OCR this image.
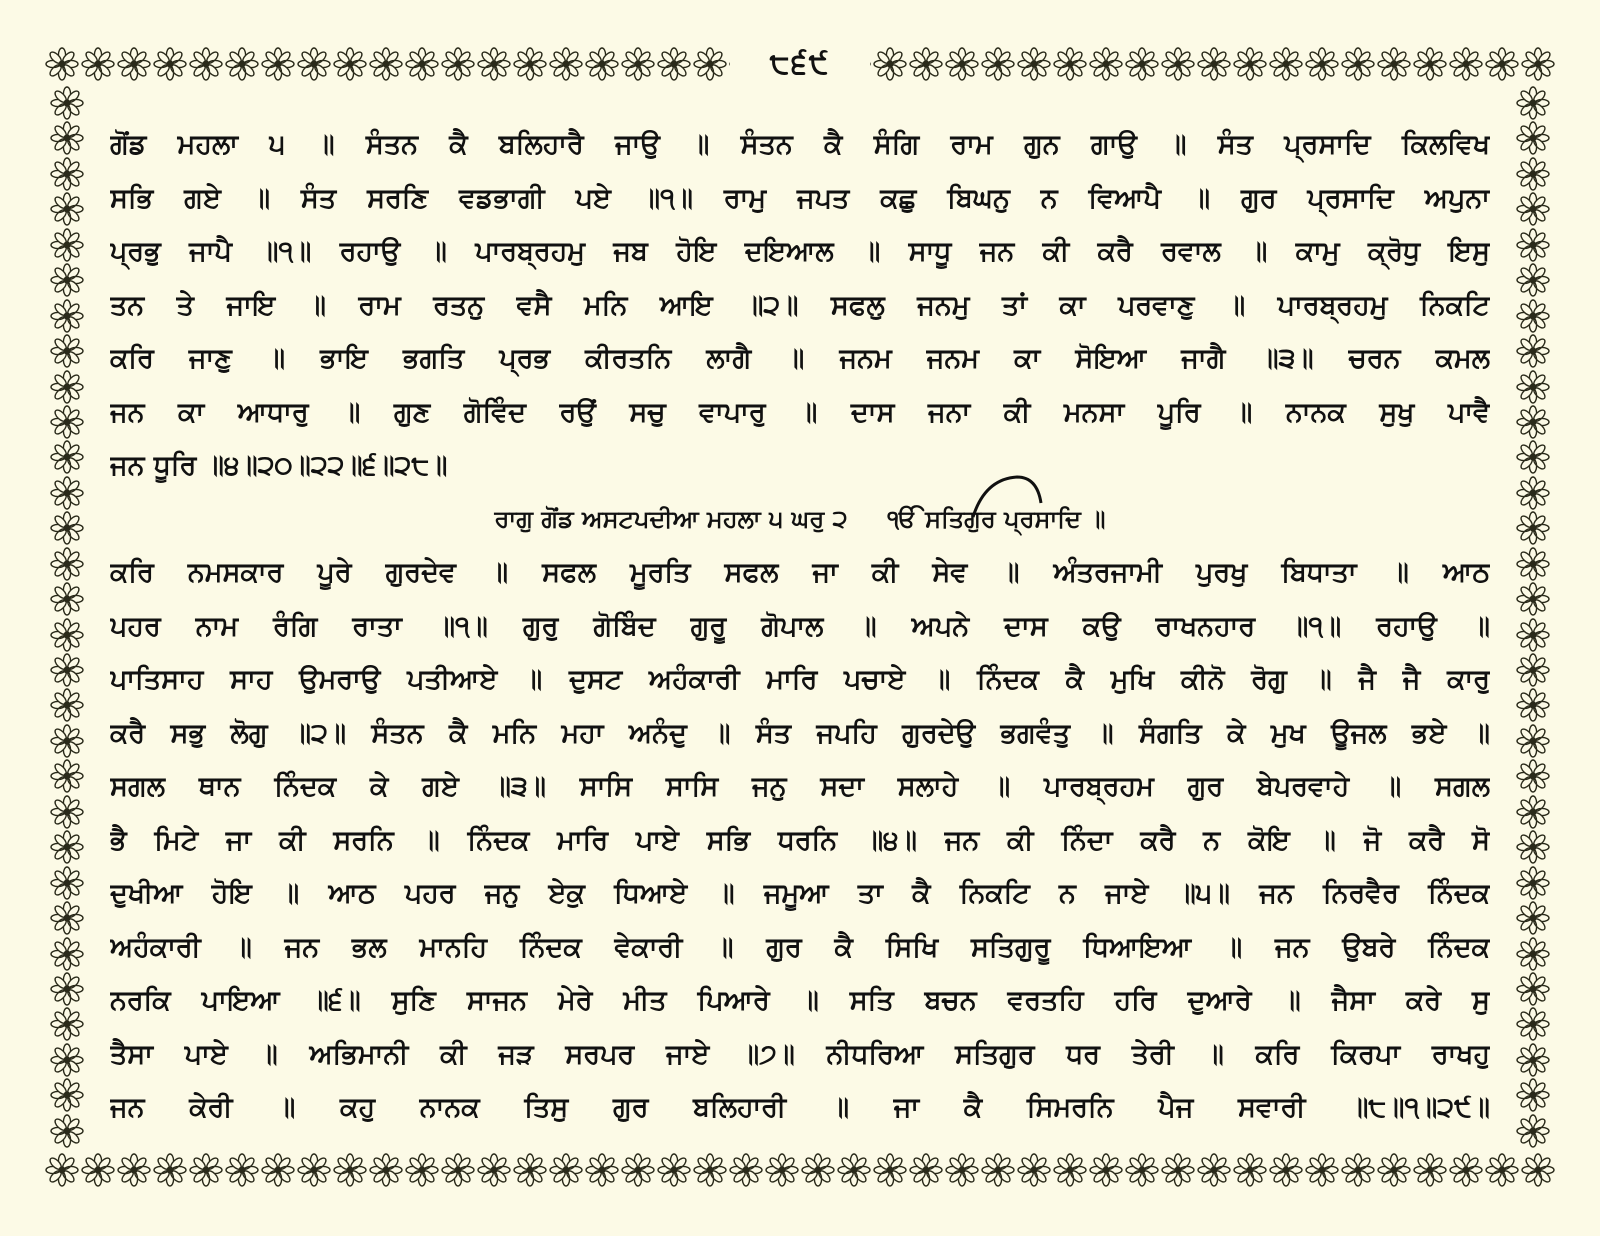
੮੬੯
ਗੋਂਡ ਮਹਲਾ ੫ ॥ ਸੰਤਨ ਕੈ ਬਲਿਹਾਰੈ ਜਾਉ ॥ ਸੰਤਨ ਕੈ ਸੰਗਿ ਰਾਮ ਗੁਨ ਗਾਉ ॥ ਸੰਤ ਪ੍ਰਸਾਦਿ ਕਿਲਵਿਖ
ਸਭਿ ਗਏ ॥ ਸੰਤ ਸਰਣਿ ਵਡਭਾਗੀ ਪਏ ॥੧॥ ਰਾਮੁ ਜਪਤ ਕਛੁ ਬਿਘਨੁ ਨ ਵਿਆਪੈ ॥ ਗੁਰ ਪ੍ਰਸਾਦਿ ਅਪੁਨਾ
ਪ੍ਰਭੁ ਜਾਪੈ ॥੧॥ ਰਹਾਉ ॥ ਪਾਰਬ੍ਰਹਮੁ ਜਬ ਹੋਇ ਦਇਆਲ ॥ ਸਾਧੂ ਜਨ ਕੀ ਕਰੈ ਰਵਾਲ ॥ ਕਾਮੁ ਕ੍ਰੋਧੁ ਇਸੁ
ਤਨ ਤੇ ਜਾਇ ॥ ਰਾਮ ਰਤਨੁ ਵਸੈ ਮਨਿ ਆਇ ॥੨॥ ਸਫਲੁ ਜਨਮੁ ਤਾਂ ਕਾ ਪਰਵਾਣੁ ॥ ਪਾਰਬ੍ਰਹਮੁ ਨਿਕਟਿ
ਕਰਿ ਜਾਣੁ ॥ ਭਾਇ ਭਗਤਿ ਪ੍ਰਭ ਕੀਰਤਨਿ ਲਾਗੈ ॥ ਜਨਮ ਜਨਮ ਕਾ ਸੋਇਆ ਜਾਗੈ ॥੩॥ ਚਰਨ ਕਮਲ
ਜਨ ਕਾ ਆਧਾਰੁ ॥ ਗੁਣ ਗੋਵਿੰਦ ਰਉਂ ਸਚੁ ਵਾਪਾਰੁ ॥ ਦਾਸ ਜਨਾ ਕੀ ਮਨਸਾ ਪੂਰਿ ॥ ਨਾਨਕ ਸੁਖੁ ਪਾਵੈ
ਜਨ ਧੂਰਿ ॥੪॥੨੦॥੨੨॥੬॥੨੮॥
ਰਾਗੁ ਗੋਂਡ ਅਸਟਪਦੀਆ ਮਹਲਾ ੫ ਘਰੁ ੨ ੴ ਸਤਿਗੁਰ ਪ੍ਰਸਾਦਿ ॥
ਕਰਿ ਨਮਸਕਾਰ ਪੂਰੇ ਗੁਰਦੇਵ ॥ ਸਫਲ ਮੂਰਤਿ ਸਫਲ ਜਾ ਕੀ ਸੇਵ ॥ ਅੰਤਰਜਾਮੀ ਪੁਰਖੁ ਬਿਧਾਤਾ ॥ ਆਠ
ਪਹਰ ਨਾਮ ਰੰਗਿ ਰਾਤਾ ॥੧॥ ਗੁਰੁ ਗੋਬਿੰਦ ਗੁਰੂ ਗੋਪਾਲ ॥ ਅਪਨੇ ਦਾਸ ਕਉ ਰਾਖਨਹਾਰ ॥੧॥ ਰਹਾਉ ॥
ਪਾਤਿਸਾਹ ਸਾਹ ਉਮਰਾਉ ਪਤੀਆਏ ॥ ਦੁਸਟ ਅਹੰਕਾਰੀ ਮਾਰਿ ਪਚਾਏ ॥ ਨਿੰਦਕ ਕੈ ਮੁਖਿ ਕੀਨੋ ਰੋਗੁ ॥ ਜੈ ਜੈ ਕਾਰੁ
ਕਰੈ ਸਭੁ ਲੋਗੁ ॥੨॥ ਸੰਤਨ ਕੈ ਮਨਿ ਮਹਾ ਅਨੰਦੁ ॥ ਸੰਤ ਜਪਹਿ ਗੁਰਦੇਉ ਭਗਵੰਤੁ ॥ ਸੰਗਤਿ ਕੇ ਮੁਖ ਊਜਲ ਭਏ ॥
ਸਗਲ ਥਾਨ ਨਿੰਦਕ ਕੇ ਗਏ ॥੩॥ ਸਾਸਿ ਸਾਸਿ ਜਨੁ ਸਦਾ ਸਲਾਹੇ ॥ ਪਾਰਬ੍ਰਹਮ ਗੁਰ ਬੇਪਰਵਾਹੇ ॥ ਸਗਲ
ਭੈ ਮਿਟੇ ਜਾ ਕੀ ਸਰਨਿ ॥ ਨਿੰਦਕ ਮਾਰਿ ਪਾਏ ਸਭਿ ਧਰਨਿ ॥੪॥ ਜਨ ਕੀ ਨਿੰਦਾ ਕਰੈ ਨ ਕੋਇ ॥ ਜੋ ਕਰੈ ਸੋ
ਦੁਖੀਆ ਹੋਇ ॥ ਆਠ ਪਹਰ ਜਨੁ ਏਕੁ ਧਿਆਏ ॥ ਜਮੂਆ ਤਾ ਕੈ ਨਿਕਟਿ ਨ ਜਾਏ ॥੫॥ ਜਨ ਨਿਰਵੈਰ ਨਿੰਦਕ
ਅਹੰਕਾਰੀ ॥ ਜਨ ਭਲ ਮਾਨਹਿ ਨਿੰਦਕ ਵੇਕਾਰੀ ॥ ਗੁਰ ਕੈ ਸਿਖਿ ਸਤਿਗੁਰੂ ਧਿਆਇਆ ॥ ਜਨ ਉਬਰੇ ਨਿੰਦਕ
ਨਰਕਿ ਪਾਇਆ ॥੬॥ ਸੁਣਿ ਸਾਜਨ ਮੇਰੇ ਮੀਤ ਪਿਆਰੇ ॥ ਸਤਿ ਬਚਨ ਵਰਤਹਿ ਹਰਿ ਦੁਆਰੇ ॥ ਜੈਸਾ ਕਰੇ ਸੁ
ਤੈਸਾ ਪਾਏ ॥ ਅਭਿਮਾਨੀ ਕੀ ਜੜ ਸਰਪਰ ਜਾਏ ॥੭॥ ਨੀਧਰਿਆ ਸਤਿਗੁਰ ਧਰ ਤੇਰੀ ॥ ਕਰਿ ਕਿਰਪਾ ਰਾਖਹੁ
ਜਨ ਕੇਰੀ ॥ ਕਹੁ ਨਾਨਕ ਤਿਸੁ ਗੁਰ ਬਲਿਹਾਰੀ ॥ ਜਾ ਕੈ ਸਿਮਰਨਿ ਪੈਜ ਸਵਾਰੀ ॥੮॥੧॥੨੯॥
